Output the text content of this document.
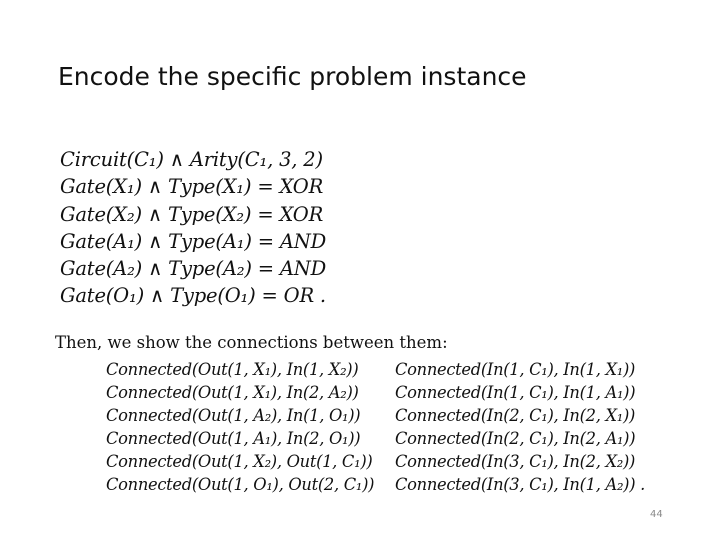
Encode the specific problem instance
Circuit(C₁) ∧ Arity(C₁, 3, 2)
Gate(X₁) ∧ Type(X₁) = XOR
Gate(X₂) ∧ Type(X₂) = XOR
Gate(A₁) ∧ Type(A₁) = AND
Gate(A₂) ∧ Type(A₂) = AND
Gate(O₁) ∧ Type(O₁) = OR .
Then, we show the connections between them:
Connected(Out(1, X₁), In(1, X₂))
Connected(Out(1, X₁), In(2, A₂))
Connected(Out(1, A₂), In(1, O₁))
Connected(Out(1, A₁), In(2, O₁))
Connected(Out(1, X₂), Out(1, C₁))
Connected(Out(1, O₁), Out(2, C₁))
Connected(In(1, C₁), In(1, X₁))
Connected(In(1, C₁), In(1, A₁))
Connected(In(2, C₁), In(2, X₁))
Connected(In(2, C₁), In(2, A₁))
Connected(In(3, C₁), In(2, X₂))
Connected(In(3, C₁), In(1, A₂)) .
44
